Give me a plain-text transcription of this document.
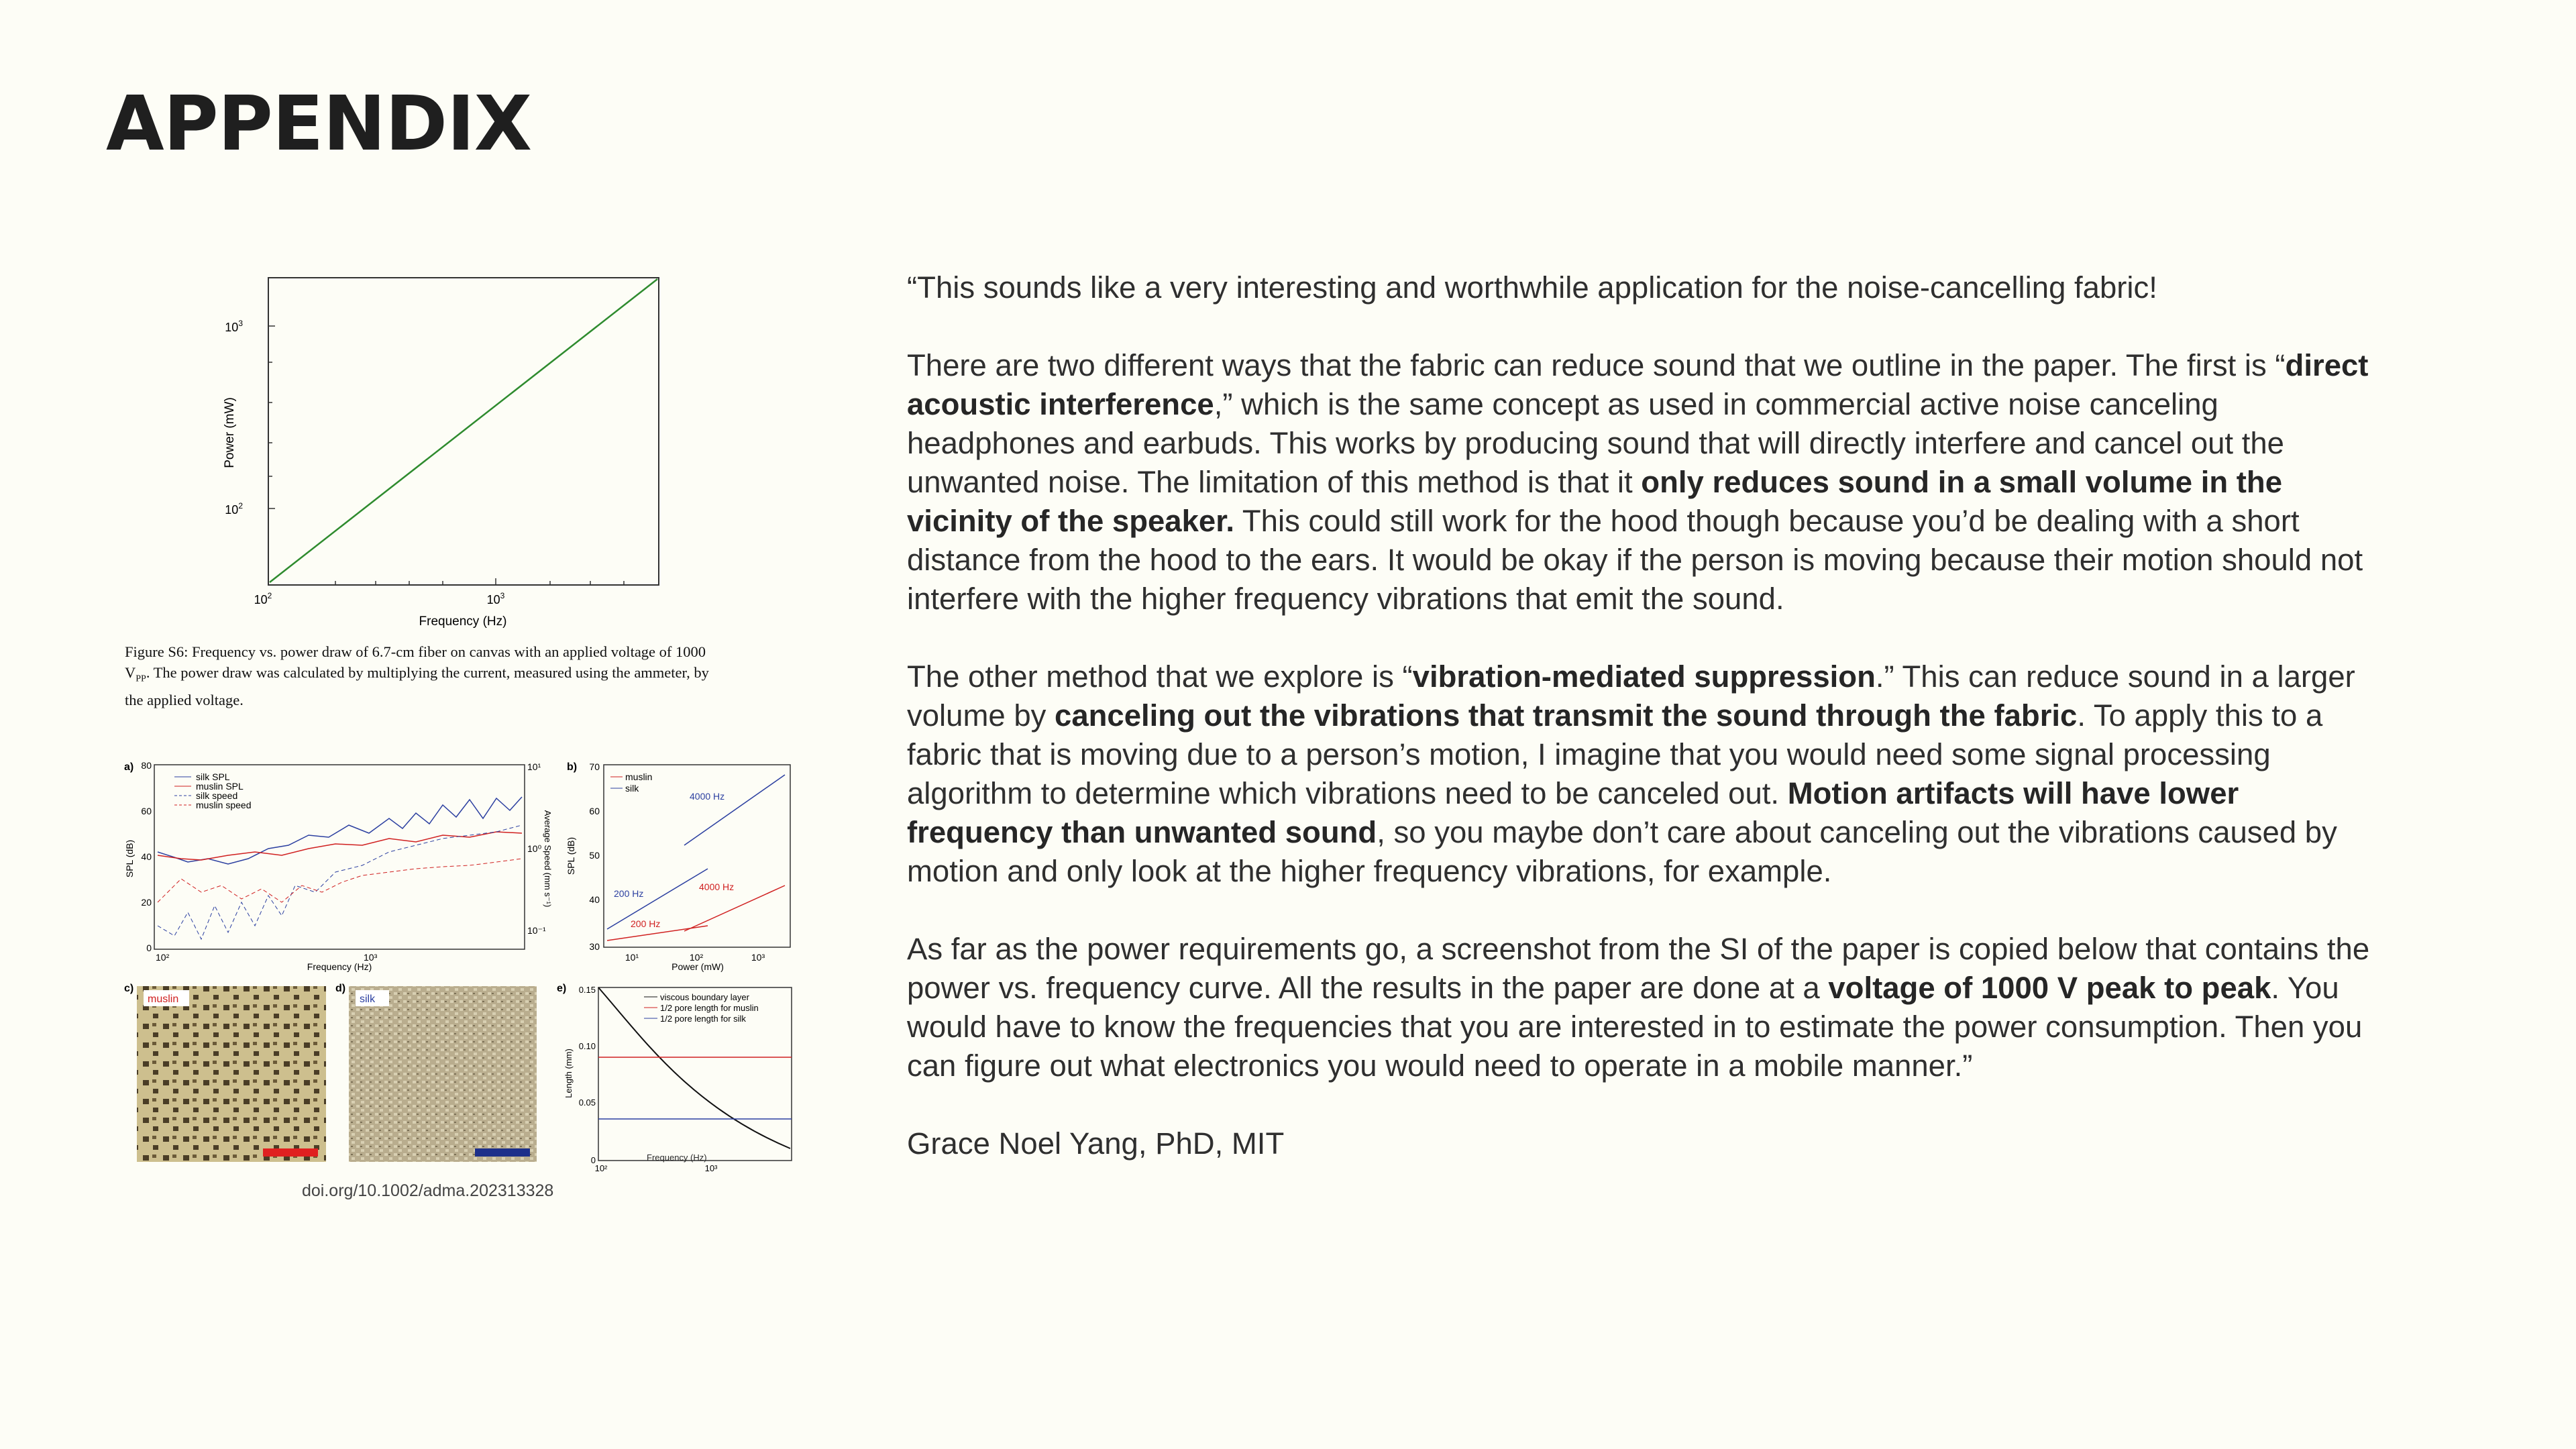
APPENDIX
$10^3$
$10^2$
$10^2$	$10^3$
Frequency (Hz)
Power (mW)
Figure S6: Frequency vs. power draw of 6.7-cm fiber on canvas with an applied voltage of 1000
$V_{PP}$. The power draw was calculated by multiplying the current, measured using the ammeter, by
the applied voltage.
a)
silk SPL
muslin SPL
silk speed
muslin speed
80
60
40
20
0
10¹
10⁰
10⁻¹
10²	10³
Frequency (Hz)
SPL (dB)	Average Speed (mm s⁻¹)
b)
muslin
silk
4000 Hz
200 Hz
4000 Hz
200 Hz
70
60
50
40
30
10¹	10²	10³
Power (mW)
SPL (dB)
c)
muslin
d)
silk
e)
viscous boundary layer
1/2 pore length for muslin
1/2 pore length for silk
0.15
0.10
0.05
0
10²	10³
Length (mm)
Frequency (Hz)
doi.org/10.1002/adma.202313328

“This sounds like a very interesting and worthwhile application for the noise-cancelling fabric!

There are two different ways that the fabric can reduce sound that we outline in the paper. The first is “direct acoustic interference,” which is the same concept as used in commercial active noise canceling headphones and earbuds. This works by producing sound that will directly interfere and cancel out the unwanted noise. The limitation of this method is that it only reduces sound in a small volume in the vicinity of the speaker. This could still work for the hood though because you’d be dealing with a short distance from the hood to the ears. It would be okay if the person is moving because their motion should not interfere with the higher frequency vibrations that emit the sound.

The other method that we explore is “vibration-mediated suppression.” This can reduce sound in a larger volume by canceling out the vibrations that transmit the sound through the fabric. To apply this to a fabric that is moving due to a person’s motion, I imagine that you would need some signal processing algorithm to determine which vibrations need to be canceled out. Motion artifacts will have lower frequency than unwanted sound, so you maybe don’t care about canceling out the vibrations caused by motion and only look at the higher frequency vibrations, for example.

As far as the power requirements go, a screenshot from the SI of the paper is copied below that contains the power vs. frequency curve. All the results in the paper are done at a voltage of 1000 V peak to peak. You would have to know the frequencies that you are interested in to estimate the power consumption. Then you can figure out what electronics you would need to operate in a mobile manner.”

Grace Noel Yang, PhD, MIT
